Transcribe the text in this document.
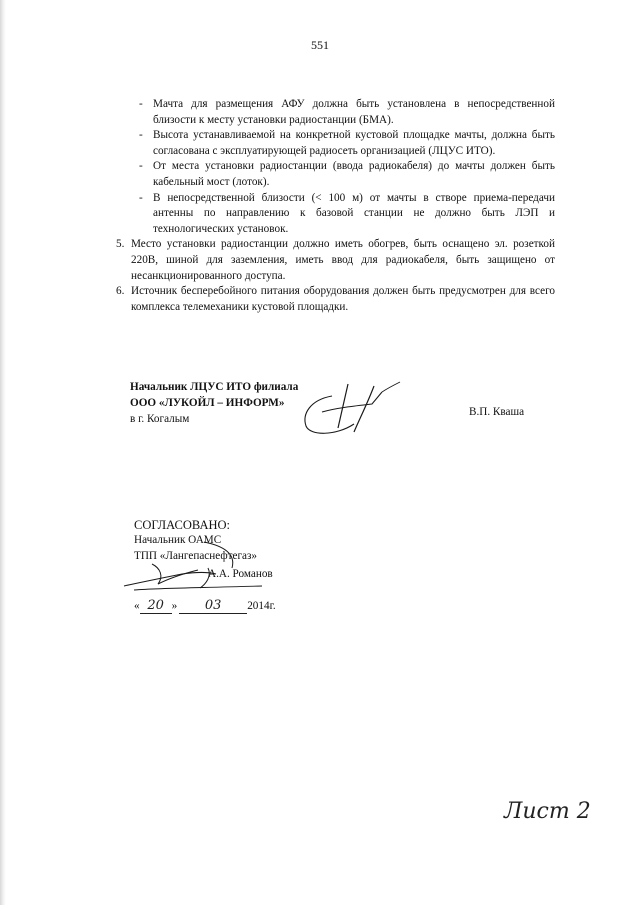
551
- Мачта для размещения АФУ должна быть установлена в непосредственной близости к месту установки радиостанции (БМА).
- Высота устанавливаемой на конкретной кустовой площадке мачты, должна быть согласована с эксплуатирующей радиосеть организацией (ЛЦУС ИТО).
- От места установки радиостанции (ввода радиокабеля) до мачты должен быть кабельный мост (лоток).
- В непосредственной близости (< 100 м) от мачты в створе приема-передачи антенны по направлению к базовой станции не должно быть ЛЭП и технологических установок.
5. Место установки радиостанции должно иметь обогрев, быть оснащено эл. розеткой 220В, шиной для заземления, иметь ввод для радиокабеля, быть защищено от несанкционированного доступа.
6. Источник бесперебойного питания оборудования должен быть предусмотрен для всего комплекса телемеханики кустовой площадки.
Начальник ЛЦУС ИТО филиала
ООО «ЛУКОЙЛ – ИНФОРМ»
в г. Когалым
В.П. Кваша
СОГЛАСОВАНО:
Начальник ОАМС
ТПП «Лангепаснефтегаз»
А.А. Романов
« 20 » 03 2014г.
Лист 2
